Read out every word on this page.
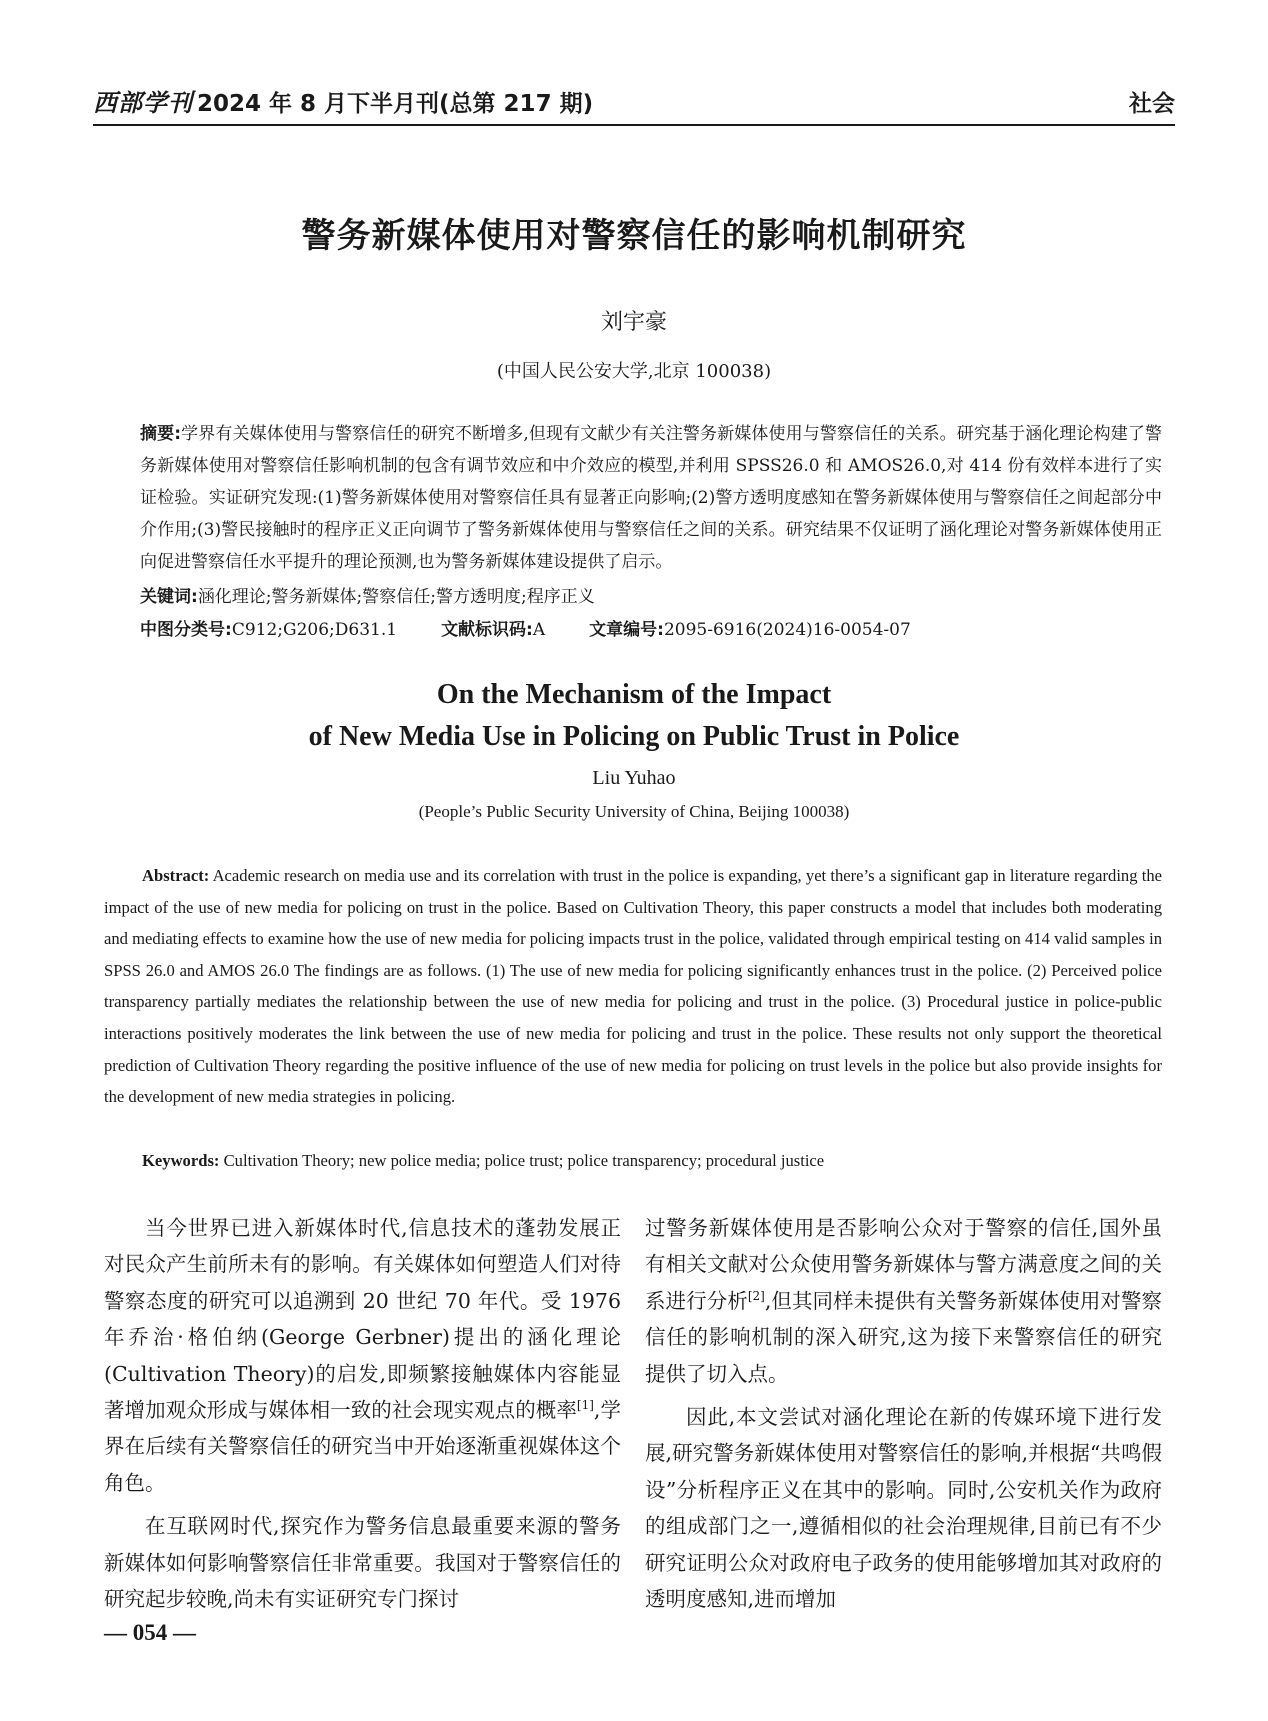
西部学刊 2024 年 8 月下半月刊(总第 217 期)	社会
警务新媒体使用对警察信任的影响机制研究
刘宇豪
(中国人民公安大学,北京 100038)
摘要:学界有关媒体使用与警察信任的研究不断增多,但现有文献少有关注警务新媒体使用与警察信任的关系。研究基于涵化理论构建了警务新媒体使用对警察信任影响机制的包含有调节效应和中介效应的模型,并利用 SPSS26.0 和 AMOS26.0,对 414 份有效样本进行了实证检验。实证研究发现:(1)警务新媒体使用对警察信任具有显著正向影响;(2)警方透明度感知在警务新媒体使用与警察信任之间起部分中介作用;(3)警民接触时的程序正义正向调节了警务新媒体使用与警察信任之间的关系。研究结果不仅证明了涵化理论对警务新媒体使用正向促进警察信任水平提升的理论预测,也为警务新媒体建设提供了启示。
关键词:涵化理论;警务新媒体;警察信任;警方透明度;程序正义
中图分类号:C912;G206;D631.1	文献标识码:A	文章编号:2095-6916(2024)16-0054-07
On the Mechanism of the Impact
of New Media Use in Policing on Public Trust in Police
Liu Yuhao
(People’s Public Security University of China, Beijing 100038)
Abstract: Academic research on media use and its correlation with trust in the police is expanding, yet there’s a significant gap in literature regarding the impact of the use of new media for policing on trust in the police. Based on Cultivation Theory, this paper constructs a model that includes both moderating and mediating effects to examine how the use of new media for policing impacts trust in the police, validated through empirical testing on 414 valid samples in SPSS 26.0 and AMOS 26.0 The findings are as follows. (1) The use of new media for policing significantly enhances trust in the police. (2) Perceived police transparency partially mediates the relationship between the use of new media for policing and trust in the police. (3) Procedural justice in police-public interactions positively moderates the link between the use of new media for policing and trust in the police. These results not only support the theoretical prediction of Cultivation Theory regarding the positive influence of the use of new media for policing on trust levels in the police but also provide insights for the development of new media strategies in policing.
Keywords: Cultivation Theory; new police media; police trust; police transparency; procedural justice

当今世界已进入新媒体时代,信息技术的蓬勃发展正对民众产生前所未有的影响。有关媒体如何塑造人们对待警察态度的研究可以追溯到 20 世纪 70 年代。受 1976 年乔治·格伯纳(George Gerbner)提出的涵化理论(Cultivation Theory)的启发,即频繁接触媒体内容能显著增加观众形成与媒体相一致的社会现实观点的概率[1],学界在后续有关警察信任的研究当中开始逐渐重视媒体这个角色。

在互联网时代,探究作为警务信息最重要来源的警务新媒体如何影响警察信任非常重要。我国对于警察信任的研究起步较晚,尚未有实证研究专门探讨

过警务新媒体使用是否影响公众对于警察的信任,国外虽有相关文献对公众使用警务新媒体与警方满意度之间的关系进行分析[2],但其同样未提供有关警务新媒体使用对警察信任的影响机制的深入研究,这为接下来警察信任的研究提供了切入点。

因此,本文尝试对涵化理论在新的传媒环境下进行发展,研究警务新媒体使用对警察信任的影响,并根据“共鸣假设”分析程序正义在其中的影响。同时,公安机关作为政府的组成部门之一,遵循相似的社会治理规律,目前已有不少研究证明公众对政府电子政务的使用能够增加其对政府的透明度感知,进而增加

— 054 —
